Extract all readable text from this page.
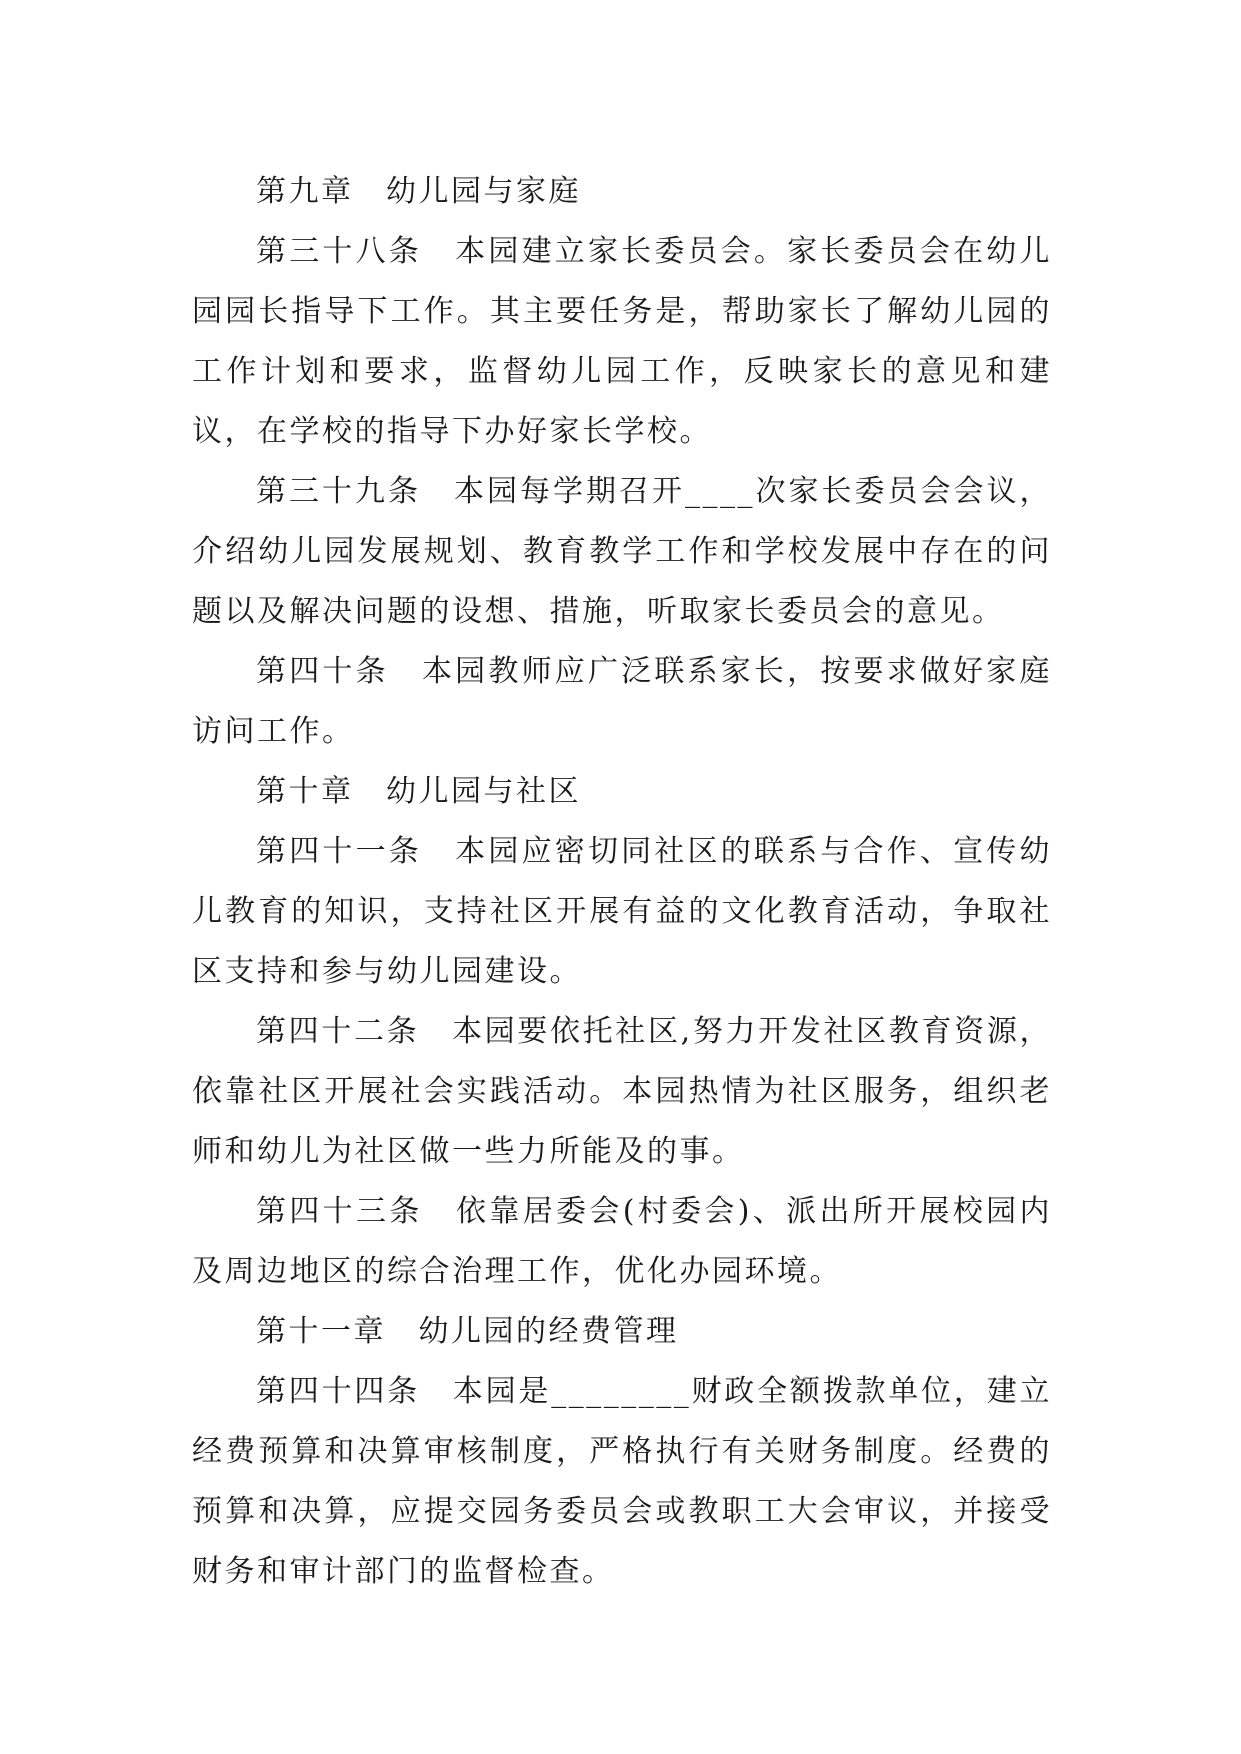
第九章　幼儿园与家庭

第三十八条　本园建立家长委员会。家长委员会在幼儿园园长指导下工作。其主要任务是，帮助家长了解幼儿园的工作计划和要求，监督幼儿园工作，反映家长的意见和建议，在学校的指导下办好家长学校。

第三十九条　本园每学期召开____次家长委员会会议，介绍幼儿园发展规划、教育教学工作和学校发展中存在的问题以及解决问题的设想、措施，听取家长委员会的意见。

第四十条　本园教师应广泛联系家长，按要求做好家庭访问工作。

第十章　幼儿园与社区

第四十一条　本园应密切同社区的联系与合作、宣传幼儿教育的知识，支持社区开展有益的文化教育活动，争取社区支持和参与幼儿园建设。

第四十二条　本园要依托社区,努力开发社区教育资源，依靠社区开展社会实践活动。本园热情为社区服务，组织老师和幼儿为社区做一些力所能及的事。

第四十三条　依靠居委会(村委会)、派出所开展校园内及周边地区的综合治理工作，优化办园环境。

第十一章　幼儿园的经费管理

第四十四条　本园是________财政全额拨款单位，建立经费预算和决算审核制度，严格执行有关财务制度。经费的预算和决算，应提交园务委员会或教职工大会审议，并接受财务和审计部门的监督检查。
